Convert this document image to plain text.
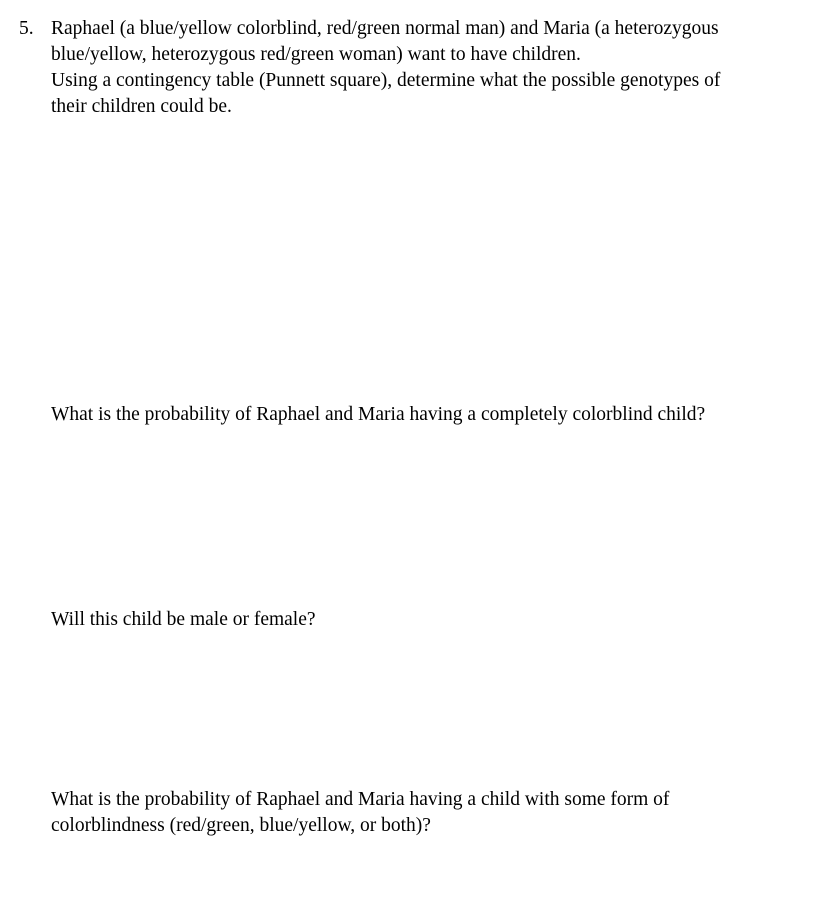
5. Raphael (a blue/yellow colorblind, red/green normal man) and Maria (a heterozygous
blue/yellow, heterozygous red/green woman) want to have children.
Using a contingency table (Punnett square), determine what the possible genotypes of
their children could be.
What is the probability of Raphael and Maria having a completely colorblind child?
Will this child be male or female?
What is the probability of Raphael and Maria having a child with some form of
colorblindness (red/green, blue/yellow, or both)?
